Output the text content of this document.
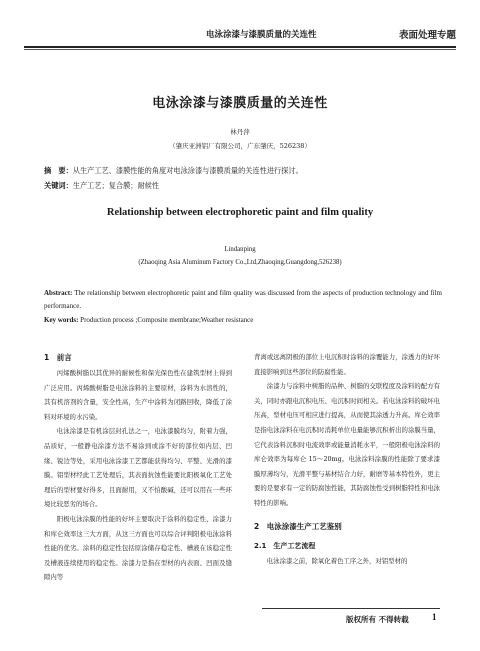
电泳涂漆与漆膜质量的关连性	表面处理专题
电泳涂漆与漆膜质量的关连性
林丹萍
（肇庆亚洲铝厂有限公司，广东肇庆，526238）
摘　要：从生产工艺、漆膜性能的角度对电泳涂漆与漆膜质量的关连性进行探讨。
关键词：生产工艺；复合膜；耐候性
Relationship between electrophoretic paint and film quality
Lindanping
(Zhaoqing Asia Aluminum Factory Co.,Ltd,Zhaoqing,Guangdong,526238)
Abstract: The relationship between electrophoretic paint and film quality was discussed from the aspects of production technology and film performance.
Key words: Production process ;Composite membrane;Weather resistance
1　前言

丙烯酸树脂以其优异的耐候性和保光保色性在建筑型材上得到广泛应用。丙烯酸树脂是电泳涂料的主要原材，涂料为水溶性的，其有机溶剂的含量，安全性高，生产中涂料为闭路回收，降低了涂料对环境的水污染。

电泳涂漆是有机涂层封孔法之一，电泳漆膜均匀，附着力强，品质好，一般静电涂漆方法不易涂到或涂不好的部位如内层、凹缘、锐边等处，采用电泳涂漆工艺都能获得均匀、平整、光滑的漆膜。铝型材经此工艺处理后，其表面抗蚀性能要比阳极氧化工艺处理后的型材要好得多，且面耐用，又不怕酸碱，还可以用在一些环境比较恶劣的场合。

阳极电泳涂膜的性能的好坏主要取决于涂料的稳定性、涂漆力和库仑效率这三大方面，从这三方面也可以综合评判阳极电泳涂料性能的优劣。涂料的稳定性包括原涂储存稳定性、槽液在该稳定性及槽液连续使用的稳定性。涂漆力是指在型材的内表面、凹面及缝隙内等

背离或远离阴极的部位上电沉积时涂料的涂覆能力，涂透力的好坏直接影响到这些部位的防腐性能。

涂漆力与涂料中树脂的品种、树脂的交联程度及涂料的配方有关，同时亦跟电沉积电压、电沉积时间相关。若电泳涂料的破坏电压高，型材电压可相应进行提高，从而使其涂透力升高。库仑效率是指电泳涂料在电沉积时消耗单位电量能够沉积析出的涂膜当量，它代表涂料沉积时电流效率或能量消耗水平，一般阳极电泳涂料的库仑效率为每库仑 15～20mg。电泳涂料涂膜的性能除了要求漆膜厚薄均匀，光滑平整与基材结合力好，耐磨等基本特性外，更主要的是要求有一定的防腐蚀性能，其防腐蚀性受到树脂特性和电泳特性的影响。

2　电泳涂漆生产工艺鉴别
2.1　生产工艺流程

电泳涂漆之前，除氧化着色工序之外，对铝型材的

版权所有 不得转载	1
